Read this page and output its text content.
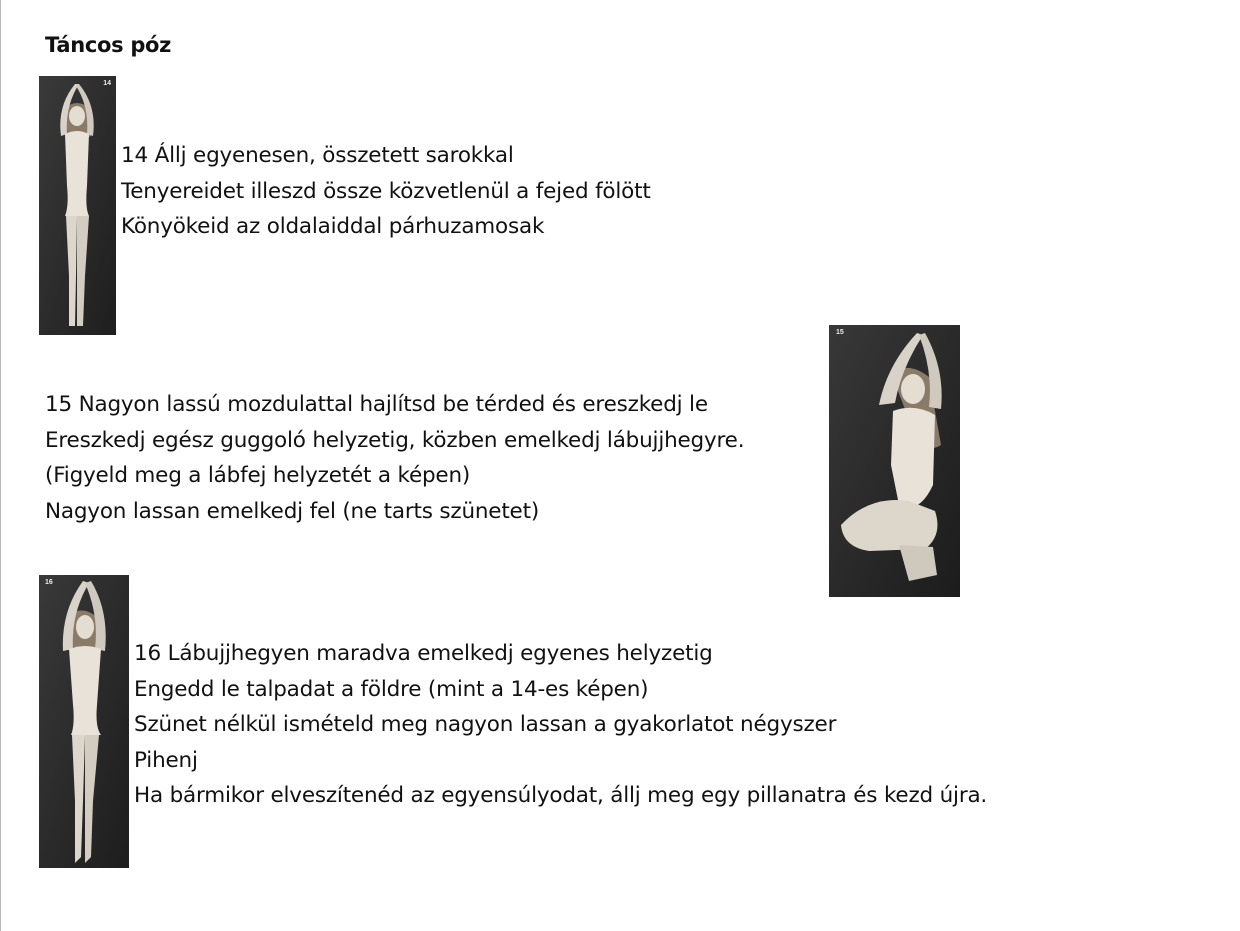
Táncos póz
14
14 Állj egyenesen, összetett sarokkal
Tenyereidet illeszd össze közvetlenül a fejed fölött
Könyökeid az oldalaiddal párhuzamosak
15
15 Nagyon lassú mozdulattal hajlítsd be térded és ereszkedj le
Ereszkedj egész guggoló helyzetig, közben emelkedj lábujjhegyre.
(Figyeld meg a lábfej helyzetét a képen)
Nagyon lassan emelkedj fel (ne tarts szünetet)
16
16 Lábujjhegyen maradva emelkedj egyenes helyzetig
Engedd le talpadat a földre (mint a 14-es képen)
Szünet nélkül ismételd meg nagyon lassan a gyakorlatot négyszer
Pihenj
Ha bármikor elveszítenéd az egyensúlyodat, állj meg egy pillanatra és kezd újra.
